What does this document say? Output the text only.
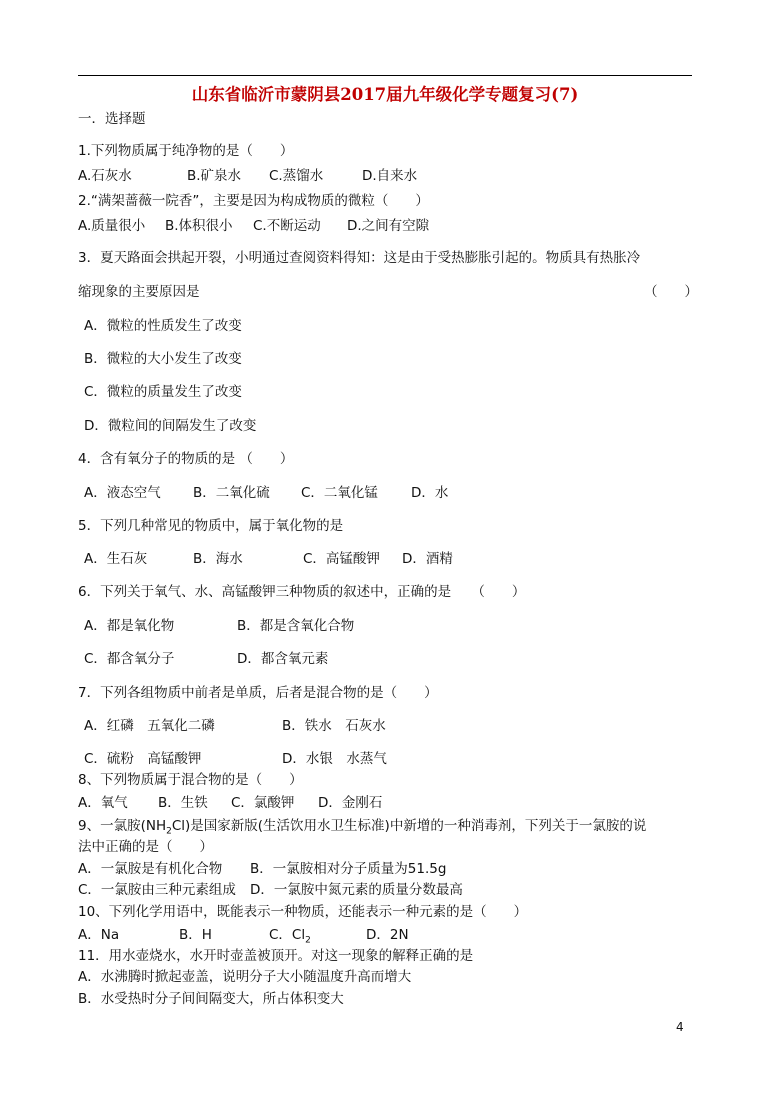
山东省临沂市蒙阴县2017届九年级化学专题复习(7)
一．选择题
1.下列物质属于纯净物的是（　　）
A.石灰水	B.矿泉水 C.蒸馏水	D.自来水
2.“满架蔷薇一院香”，主要是因为构成物质的微粒（　　）
A.质量很小 B.体积很小 C.不断运动 D.之间有空隙
3．夏天路面会拱起开裂，小明通过查阅资料得知：这是由于受热膨胀引起的。物质具有热胀冷
缩现象的主要原因是	（　　）
A．微粒的性质发生了改变
B．微粒的大小发生了改变
C．微粒的质量发生了改变
D．微粒间的间隔发生了改变
4．含有氧分子的物质的是 （　　）
A．液态空气 B．二氧化硫 C．二氧化锰 D．水
5．下列几种常见的物质中，属于氧化物的是
A．生石灰	B．海水	C．高锰酸钾 D．酒精
6．下列关于氧气、水、高锰酸钾三种物质的叙述中，正确的是　　（　　）
A．都是氧化物	B．都是含氧化合物
C．都含氧分子	D．都含氧元素
7．下列各组物质中前者是单质，后者是混合物的是（　　）
A．红磷　五氧化二磷	B．铁水　石灰水
C．硫粉　高锰酸钾	D．水银　水蒸气
8、下列物质属于混合物的是（　　）
A．氧气 B．生铁 C．氯酸钾 D．金刚石
9、一氯胺$(NH_2Cl)$是国家新版(生活饮用水卫生标准)中新增的一种消毒剂，下列关于一氯胺的说
法中正确的是（　　）
A．一氯胺是有机化合物 B．一氯胺相对分子质量为51.5g
C．一氯胺由三种元素组成 D．一氯胺中氮元素的质量分数最高
10、下列化学用语中，既能表示一种物质，还能表示一种元素的是（　　）
A．Na	B．H	C．$Cl_2$	D．2N
11．用水壶烧水，水开时壶盖被顶开。对这一现象的解释正确的是
A．水沸腾时掀起壶盖，说明分子大小随温度升高而增大
B．水受热时分子间间隔变大，所占体积变大
4
